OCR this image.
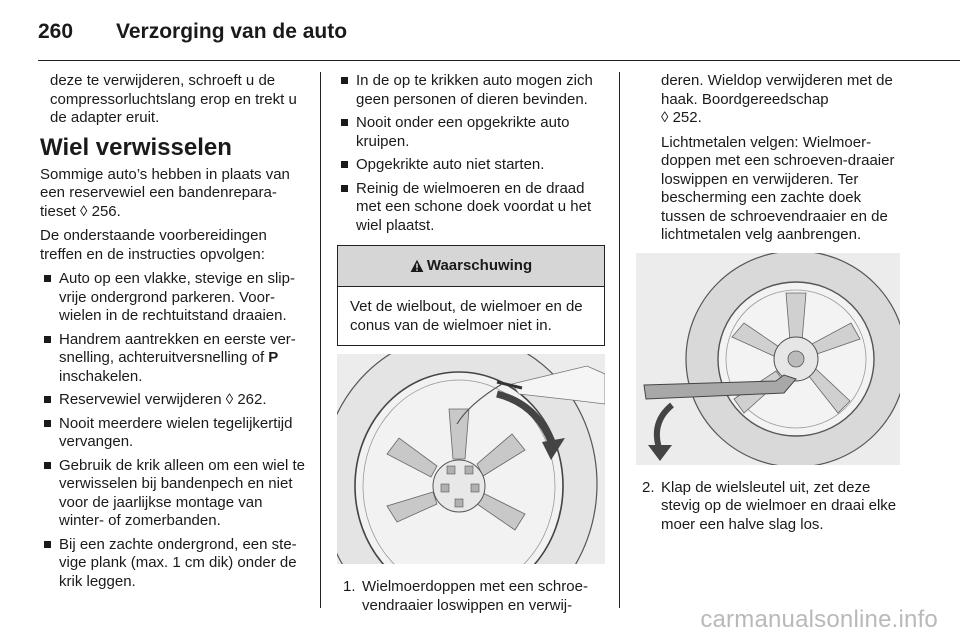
260	Verzorging van de auto

deze te verwijderen, schroeft u de compressorluchtslang erop en trekt u de adapter eruit.

Wiel verwisselen

Sommige auto’s hebben in plaats van een reservewiel een bandenrepara-tieset ◊ 256.

De onderstaande voorbereidingen treffen en de instructies opvolgen:

Auto op een vlakke, stevige en slip-vrije ondergrond parkeren. Voor-wielen in de rechtuitstand draaien.
Handrem aantrekken en eerste ver-snelling, achteruitversnelling of P inschakelen.
Reservewiel verwijderen ◊ 262.
Nooit meerdere wielen tegelijkertijd vervangen.
Gebruik de krik alleen om een wiel te verwisselen bij bandenpech en niet voor de jaarlijkse montage van winter- of zomerbanden.
Bij een zachte ondergrond, een ste-vige plank (max. 1 cm dik) onder de krik leggen.
In de op te krikken auto mogen zich geen personen of dieren bevinden.
Nooit onder een opgekrikte auto kruipen.
Opgekrikte auto niet starten.
Reinig de wielmoeren en de draad met een schone doek voordat u het wiel plaatst.
Waarschuwing
Vet de wielbout, de wielmoer en de conus van de wielmoer niet in.
1. Wielmoerdoppen met een schroe-vendraaier loswippen en verwij-

deren. Wieldop verwijderen met de haak. Boordgereedschap
◊ 252.

Lichtmetalen velgen: Wielmoer-doppen met een schroeven-draaier loswippen en verwijderen. Ter bescherming een zachte doek tussen de schroevendraaier en de lichtmetalen velg aanbrengen.

2. Klap de wielsleutel uit, zet deze stevig op de wielmoer en draai elke moer een halve slag los.
carmanualsonline.info
